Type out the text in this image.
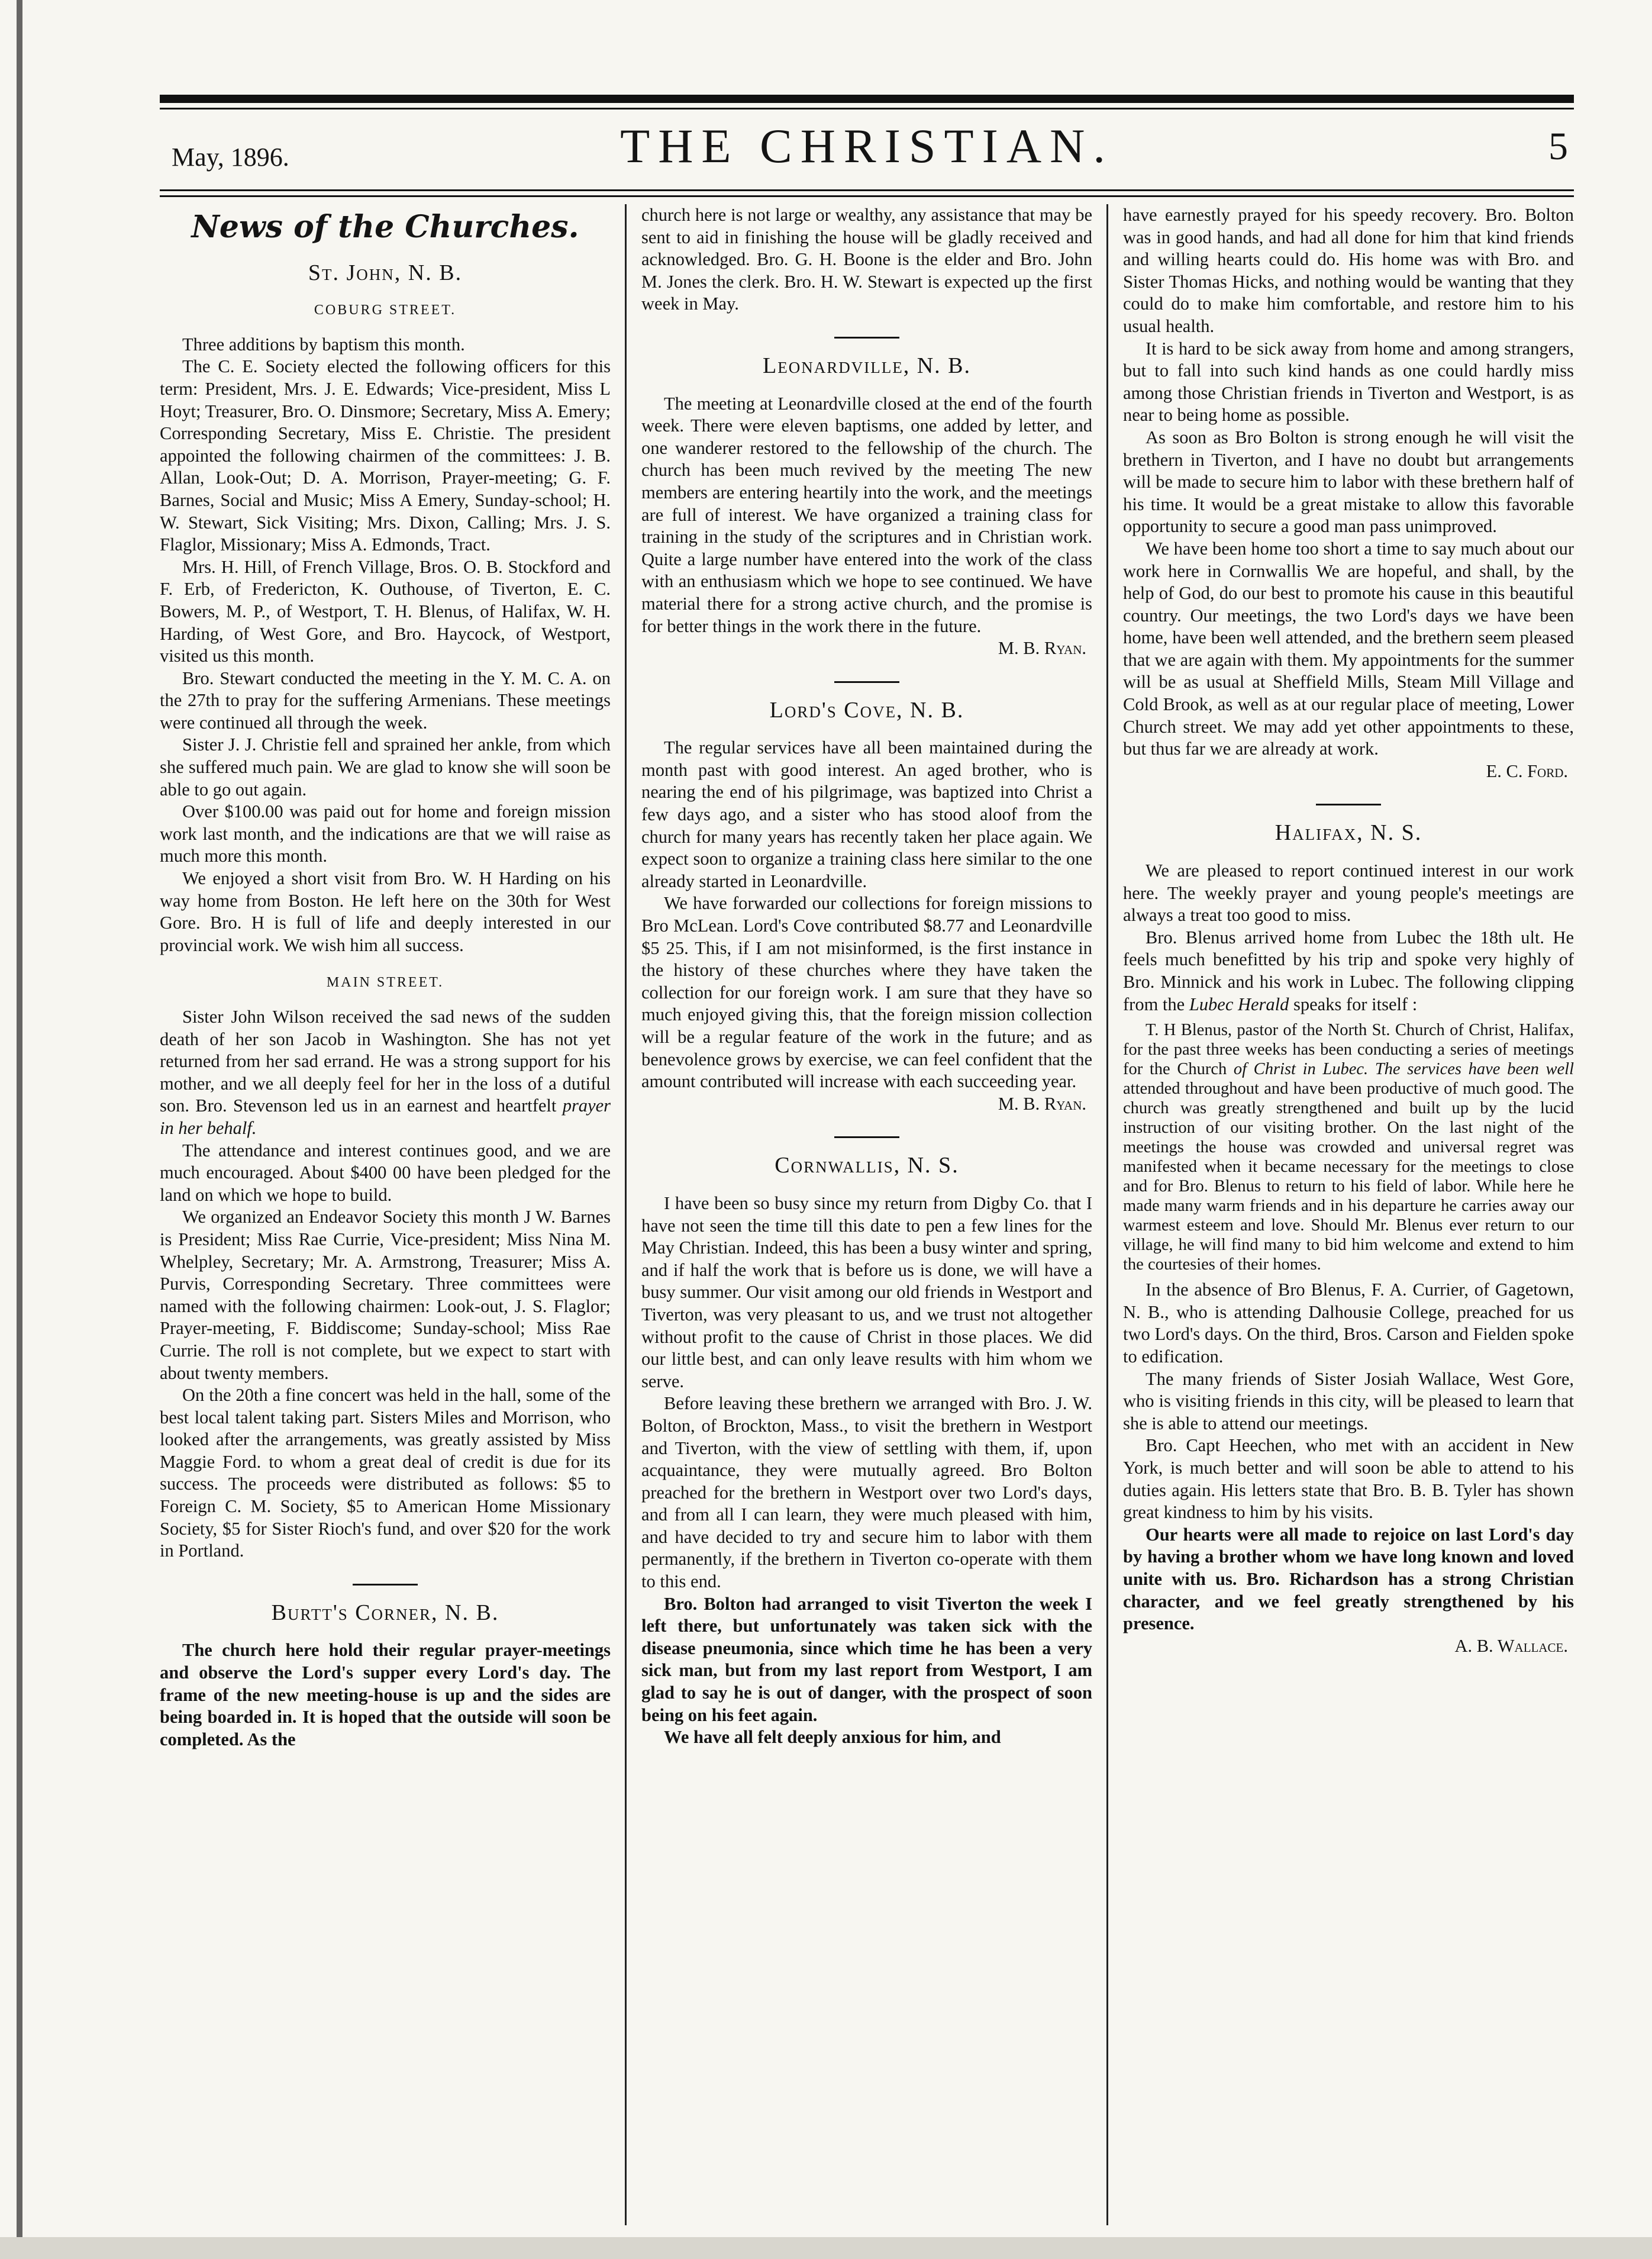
May, 1896.	THE CHRISTIAN.	5
News of the Churches.
St. John, N. B.
COBURG STREET.

Three additions by baptism this month.

The C. E. Society elected the following officers for this term: President, Mrs. J. E. Edwards; Vice-president, Miss L Hoyt; Treasurer, Bro. O. Dinsmore; Secretary, Miss A. Emery; Corresponding Secretary, Miss E. Christie. The president appointed the following chairmen of the committees: J. B. Allan, Look-Out; D. A. Morrison, Prayer-meeting; G. F. Barnes, Social and Music; Miss A Emery, Sunday-school; H. W. Stewart, Sick Visiting; Mrs. Dixon, Calling; Mrs. J. S. Flaglor, Missionary; Miss A. Edmonds, Tract.

Mrs. H. Hill, of French Village, Bros. O. B. Stockford and F. Erb, of Fredericton, K. Outhouse, of Tiverton, E. C. Bowers, M. P., of Westport, T. H. Blenus, of Halifax, W. H. Harding, of West Gore, and Bro. Haycock, of Westport, visited us this month.

Bro. Stewart conducted the meeting in the Y. M. C. A. on the 27th to pray for the suffering Armenians. These meetings were continued all through the week.

Sister J. J. Christie fell and sprained her ankle, from which she suffered much pain. We are glad to know she will soon be able to go out again.

Over $100.00 was paid out for home and foreign mission work last month, and the indications are that we will raise as much more this month.

We enjoyed a short visit from Bro. W. H Harding on his way home from Boston. He left here on the 30th for West Gore. Bro. H is full of life and deeply interested in our provincial work. We wish him all success.

MAIN STREET.

Sister John Wilson received the sad news of the sudden death of her son Jacob in Washington. She has not yet returned from her sad errand. He was a strong support for his mother, and we all deeply feel for her in the loss of a dutiful son. Bro. Stevenson led us in an earnest and heartfelt prayer in her behalf.

The attendance and interest continues good, and we are much encouraged. About $400 00 have been pledged for the land on which we hope to build.

We organized an Endeavor Society this month J W. Barnes is President; Miss Rae Currie, Vice-president; Miss Nina M. Whelpley, Secretary; Mr. A. Armstrong, Treasurer; Miss A. Purvis, Corresponding Secretary. Three committees were named with the following chairmen: Look-out, J. S. Flaglor; Prayer-meeting, F. Biddiscome; Sunday-school; Miss Rae Currie. The roll is not complete, but we expect to start with about twenty members.

On the 20th a fine concert was held in the hall, some of the best local talent taking part. Sisters Miles and Morrison, who looked after the arrangements, was greatly assisted by Miss Maggie Ford. to whom a great deal of credit is due for its success. The proceeds were distributed as follows: $5 to Foreign C. M. Society, $5 to American Home Missionary Society, $5 for Sister Rioch's fund, and over $20 for the work in Portland.

Burtt's Corner, N. B.

The church here hold their regular prayer-meetings and observe the Lord's supper every Lord's day. The frame of the new meeting-house is up and the sides are being boarded in. It is hoped that the outside will soon be completed. As the

church here is not large or wealthy, any assistance that may be sent to aid in finishing the house will be gladly received and acknowledged. Bro. G. H. Boone is the elder and Bro. John M. Jones the clerk. Bro. H. W. Stewart is expected up the first week in May.

Leonardville, N. B.

The meeting at Leonardville closed at the end of the fourth week. There were eleven baptisms, one added by letter, and one wanderer restored to the fellowship of the church. The church has been much revived by the meeting The new members are entering heartily into the work, and the meetings are full of interest. We have organized a training class for training in the study of the scriptures and in Christian work. Quite a large number have entered into the work of the class with an enthusiasm which we hope to see continued. We have material there for a strong active church, and the promise is for better things in the work there in the future.

M. B. Ryan.
Lord's Cove, N. B.

The regular services have all been maintained during the month past with good interest. An aged brother, who is nearing the end of his pilgrimage, was baptized into Christ a few days ago, and a sister who has stood aloof from the church for many years has recently taken her place again. We expect soon to organize a training class here similar to the one already started in Leonardville.

We have forwarded our collections for foreign missions to Bro McLean. Lord's Cove contributed $8.77 and Leonardville $5 25. This, if I am not misinformed, is the first instance in the history of these churches where they have taken the collection for our foreign work. I am sure that they have so much enjoyed giving this, that the foreign mission collection will be a regular feature of the work in the future; and as benevolence grows by exercise, we can feel confident that the amount contributed will increase with each succeeding year.

M. B. Ryan.
Cornwallis, N. S.

I have been so busy since my return from Digby Co. that I have not seen the time till this date to pen a few lines for the May Christian. Indeed, this has been a busy winter and spring, and if half the work that is before us is done, we will have a busy summer. Our visit among our old friends in Westport and Tiverton, was very pleasant to us, and we trust not altogether without profit to the cause of Christ in those places. We did our little best, and can only leave results with him whom we serve.

Before leaving these brethern we arranged with Bro. J. W. Bolton, of Brockton, Mass., to visit the brethern in Westport and Tiverton, with the view of settling with them, if, upon acquaintance, they were mutually agreed. Bro Bolton preached for the brethern in Westport over two Lord's days, and from all I can learn, they were much pleased with him, and have decided to try and secure him to labor with them permanently, if the brethern in Tiverton co-operate with them to this end.

Bro. Bolton had arranged to visit Tiverton the week I left there, but unfortunately was taken sick with the disease pneumonia, since which time he has been a very sick man, but from my last report from Westport, I am glad to say he is out of danger, with the prospect of soon being on his feet again.

We have all felt deeply anxious for him, and

have earnestly prayed for his speedy recovery. Bro. Bolton was in good hands, and had all done for him that kind friends and willing hearts could do. His home was with Bro. and Sister Thomas Hicks, and nothing would be wanting that they could do to make him comfortable, and restore him to his usual health.

It is hard to be sick away from home and among strangers, but to fall into such kind hands as one could hardly miss among those Christian friends in Tiverton and Westport, is as near to being home as possible.

As soon as Bro Bolton is strong enough he will visit the brethern in Tiverton, and I have no doubt but arrangements will be made to secure him to labor with these brethern half of his time. It would be a great mistake to allow this favorable opportunity to secure a good man pass unimproved.

We have been home too short a time to say much about our work here in Cornwallis We are hopeful, and shall, by the help of God, do our best to promote his cause in this beautiful country. Our meetings, the two Lord's days we have been home, have been well attended, and the brethern seem pleased that we are again with them. My appointments for the summer will be as usual at Sheffield Mills, Steam Mill Village and Cold Brook, as well as at our regular place of meeting, Lower Church street. We may add yet other appointments to these, but thus far we are already at work.

E. C. Ford.
Halifax, N. S.

We are pleased to report continued interest in our work here. The weekly prayer and young people's meetings are always a treat too good to miss.

Bro. Blenus arrived home from Lubec the 18th ult. He feels much benefitted by his trip and spoke very highly of Bro. Minnick and his work in Lubec. The following clipping from the Lubec Herald speaks for itself :

T. H Blenus, pastor of the North St. Church of Christ, Halifax, for the past three weeks has been conducting a series of meetings for the Church of Christ in Lubec. The services have been well attended throughout and have been productive of much good. The church was greatly strengthened and built up by the lucid instruction of our visiting brother. On the last night of the meetings the house was crowded and universal regret was manifested when it became necessary for the meetings to close and for Bro. Blenus to return to his field of labor. While here he made many warm friends and in his departure he carries away our warmest esteem and love. Should Mr. Blenus ever return to our village, he will find many to bid him welcome and extend to him the courtesies of their homes.

In the absence of Bro Blenus, F. A. Currier, of Gagetown, N. B., who is attending Dalhousie College, preached for us two Lord's days. On the third, Bros. Carson and Fielden spoke to edification.

The many friends of Sister Josiah Wallace, West Gore, who is visiting friends in this city, will be pleased to learn that she is able to attend our meetings.

Bro. Capt Heechen, who met with an accident in New York, is much better and will soon be able to attend to his duties again. His letters state that Bro. B. B. Tyler has shown great kindness to him by his visits.

Our hearts were all made to rejoice on last Lord's day by having a brother whom we have long known and loved unite with us. Bro. Richardson has a strong Christian character, and we feel greatly strengthened by his presence.

A. B. Wallace.
